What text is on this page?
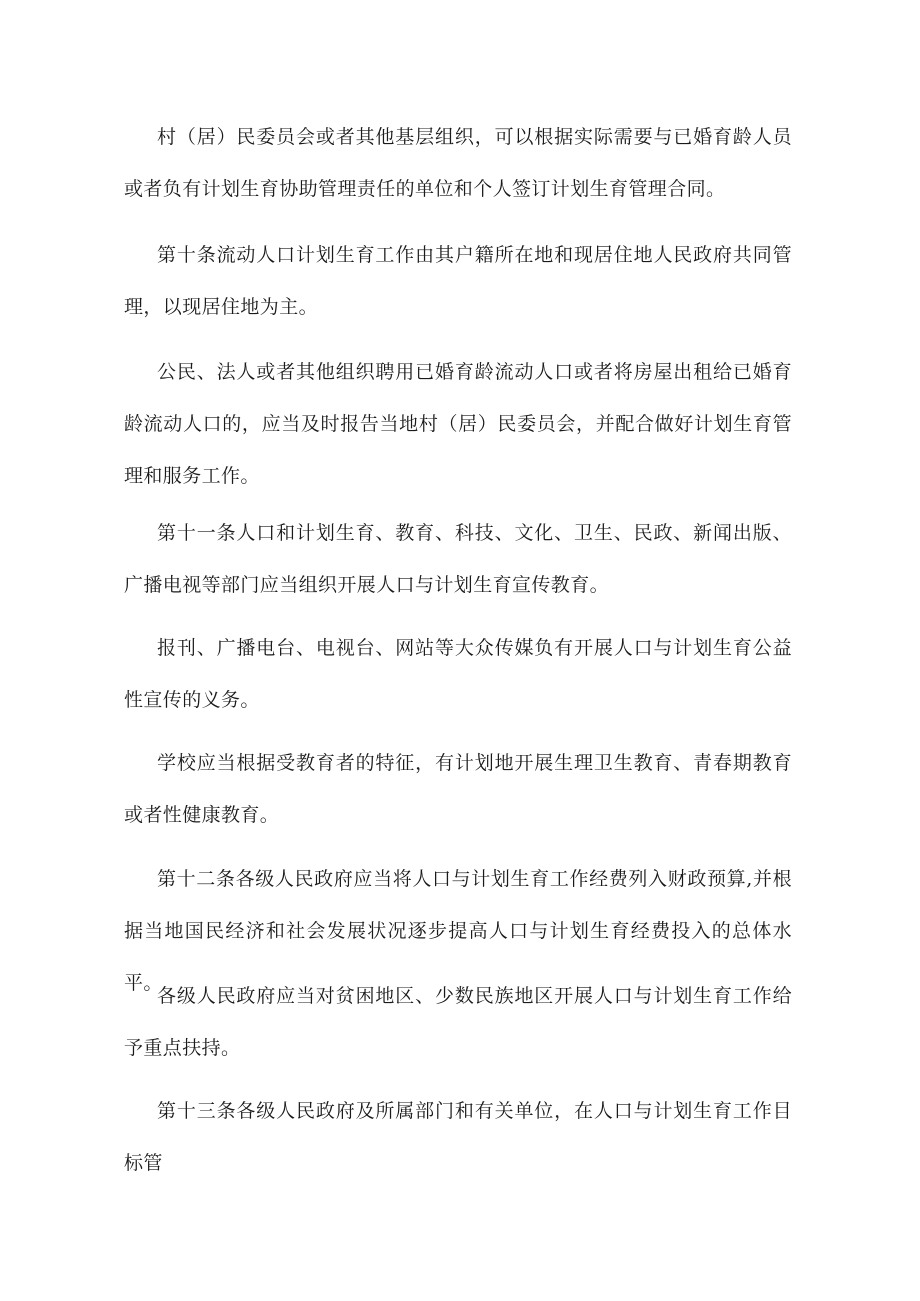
村（居）民委员会或者其他基层组织，可以根据实际需要与已婚育龄人员或者负有计划生育协助管理责任的单位和个人签订计划生育管理合同。

第十条流动人口计划生育工作由其户籍所在地和现居住地人民政府共同管理，以现居住地为主。

公民、法人或者其他组织聘用已婚育龄流动人口或者将房屋出租给已婚育龄流动人口的，应当及时报告当地村（居）民委员会，并配合做好计划生育管理和服务工作。

第十一条人口和计划生育、教育、科技、文化、卫生、民政、新闻出版、广播电视等部门应当组织开展人口与计划生育宣传教育。

报刊、广播电台、电视台、网站等大众传媒负有开展人口与计划生育公益性宣传的义务。

学校应当根据受教育者的特征，有计划地开展生理卫生教育、青春期教育或者性健康教育。

第十二条各级人民政府应当将人口与计划生育工作经费列入财政预算,并根据当地国民经济和社会发展状况逐步提高人口与计划生育经费投入的总体水平。

各级人民政府应当对贫困地区、少数民族地区开展人口与计划生育工作给予重点扶持。

第十三条各级人民政府及所属部门和有关单位，在人口与计划生育工作目标管
